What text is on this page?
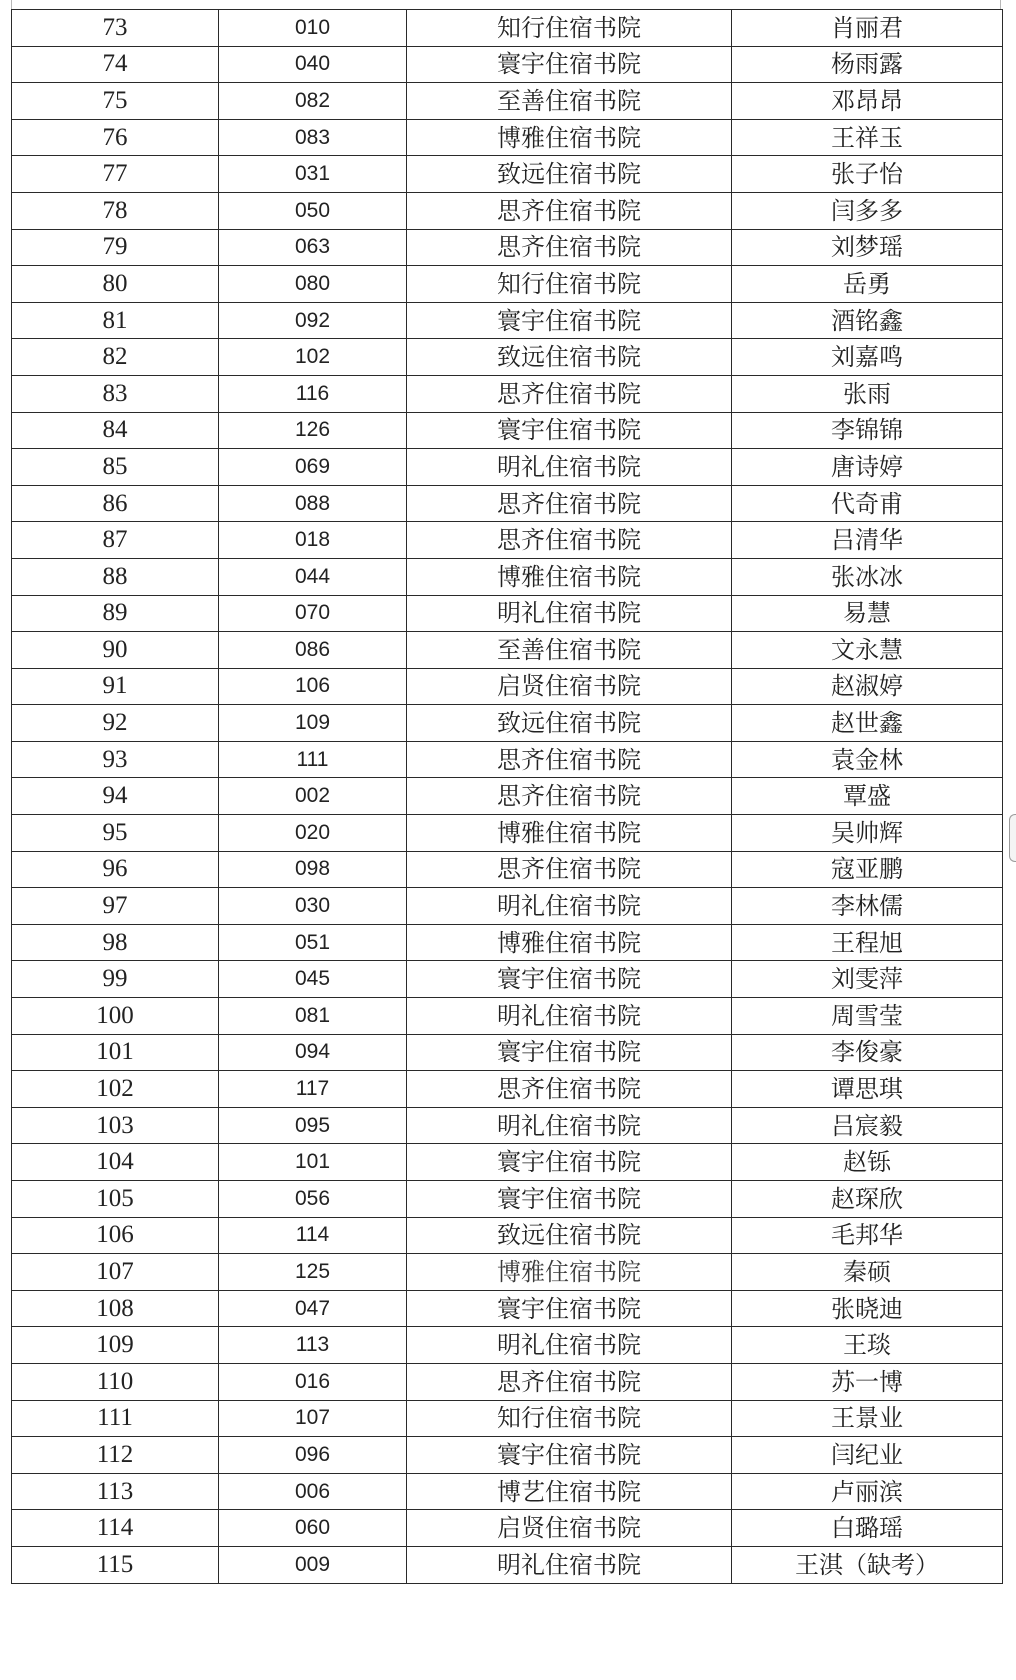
73	010	知行住宿书院	肖丽君
74	040	寰宇住宿书院	杨雨露
75	082	至善住宿书院	邓昂昂
76	083	博雅住宿书院	王祥玉
77	031	致远住宿书院	张子怡
78	050	思齐住宿书院	闫多多
79	063	思齐住宿书院	刘梦瑶
80	080	知行住宿书院	岳勇
81	092	寰宇住宿书院	酒铭鑫
82	102	致远住宿书院	刘嘉鸣
83	116	思齐住宿书院	张雨
84	126	寰宇住宿书院	李锦锦
85	069	明礼住宿书院	唐诗婷
86	088	思齐住宿书院	代奇甫
87	018	思齐住宿书院	吕清华
88	044	博雅住宿书院	张冰冰
89	070	明礼住宿书院	易慧
90	086	至善住宿书院	文永慧
91	106	启贤住宿书院	赵淑婷
92	109	致远住宿书院	赵世鑫
93	111	思齐住宿书院	袁金林
94	002	思齐住宿书院	覃盛
95	020	博雅住宿书院	吴帅辉
96	098	思齐住宿书院	寇亚鹏
97	030	明礼住宿书院	李林儒
98	051	博雅住宿书院	王程旭
99	045	寰宇住宿书院	刘雯萍
100	081	明礼住宿书院	周雪莹
101	094	寰宇住宿书院	李俊豪
102	117	思齐住宿书院	谭思琪
103	095	明礼住宿书院	吕宸毅
104	101	寰宇住宿书院	赵铄
105	056	寰宇住宿书院	赵琛欣
106	114	致远住宿书院	毛邦华
107	125	博雅住宿书院	秦硕
108	047	寰宇住宿书院	张晓迪
109	113	明礼住宿书院	王琰
110	016	思齐住宿书院	苏一博
111	107	知行住宿书院	王景业
112	096	寰宇住宿书院	闫纪业
113	006	博艺住宿书院	卢丽滨
114	060	启贤住宿书院	白璐瑶
115	009	明礼住宿书院	王淇（缺考）
